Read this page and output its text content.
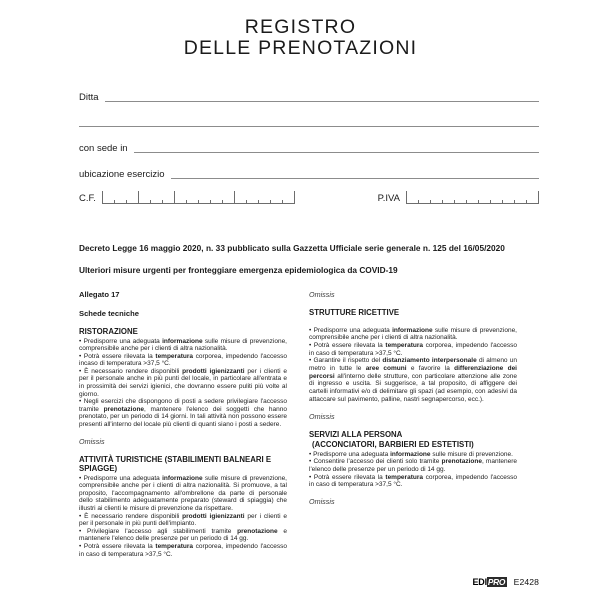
REGISTRO
DELLE PRENOTAZIONI
Ditta
con sede in
ubicazione esercizio
C.F.	P.IVA
Decreto Legge 16 maggio 2020, n. 33 pubblicato sulla Gazzetta Ufficiale serie generale n. 125 del 16/05/2020
Ulteriori misure urgenti per fronteggiare emergenza epidemiologica da COVID-19
Allegato 17
Schede tecniche
RISTORAZIONE

• Predisporre una adeguata informazione sulle misure di prevenzione, comprensibile anche per i clienti di altra nazionalità.

• Potrà essere rilevata la temperatura corporea, impedendo l'accesso incaso di temperatura >37,5 °C.

• È necessario rendere disponibili prodotti igienizzanti per i clienti e per il personale anche in più punti del locale, in particolare all'entrata e in prossimità dei servizi igienici, che dovranno essere puliti più volte al giorno.

• Negli esercizi che dispongono di posti a sedere privilegiare l'accesso tramite prenotazione, mantenere l'elenco dei soggetti che hanno prenotato, per un periodo di 14 giorni. In tali attività non possono essere presenti all'interno del locale più clienti di quanti siano i posti a sedere.

Omissis
ATTIVITÀ TURISTICHE (STABILIMENTI BALNEARI E SPIAGGE)

• Predisporre una adeguata informazione sulle misure di prevenzione, comprensibile anche per i clienti di altra nazionalità. Si promuove, a tal proposito, l'accompagnamento all'ombrellone da parte di personale dello stabilimento adeguatamente preparato (steward di spiaggia) che illustri ai clienti le misure di prevenzione da rispettare.

• È necessario rendere disponibili prodotti igienizzanti per i clienti e per il personale in più punti dell'impianto.

• Privilegiare l'accesso agli stabilimenti tramite prenotazione e mantenere l'elenco delle presenze per un periodo di 14 gg.

• Potrà essere rilevata la temperatura corporea, impedendo l'accesso in caso di temperatura >37,5 °C.

Omissis
STRUTTURE RICETTIVE

• Predisporre una adeguata informazione sulle misure di prevenzione, comprensibile anche per i clienti di altra nazionalità.

• Potrà essere rilevata la temperatura corporea, impedendo l'accesso in caso di temperatura >37,5 °C.

• Garantire il rispetto del distanziamento interpersonale di almeno un metro in tutte le aree comuni e favorire la differenziazione dei percorsi all'interno delle strutture, con particolare attenzione alle zone di ingresso e uscita. Si suggerisce, a tal proposito, di affiggere dei cartelli informativi e/o di delimitare gli spazi (ad esempio, con adesivi da attaccare sul pavimento, palline, nastri segnapercorso, ecc.).

Omissis
SERVIZI ALLA PERSONA
(ACCONCIATORI, BARBIERI ED ESTETISTI)

• Predisporre una adeguata informazione sulle misure di prevenzione.

• Consentire l'accesso dei clienti solo tramite prenotazione, mantenere l'elenco delle presenze per un periodo di 14 gg.

• Potrà essere rilevata la temperatura corporea, impedendo l'accesso in caso di temperatura >37,5 °C.

Omissis
EDI PRO E2428
